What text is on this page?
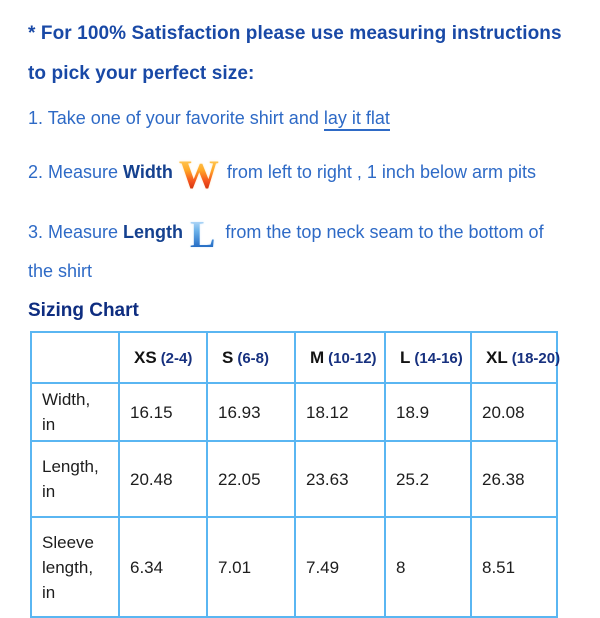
* For 100% Satisfaction please use measuring instructions
to pick your perfect size:
1. Take one of your favorite shirt and lay it flat
2. Measure Width W from left to right , 1 inch below arm pits
3. Measure Length L from the top neck seam to the bottom of
the shirt
Sizing Chart
	XS (2-4)	S (6-8)	M (10-12)	L (14-16)	XL (18-20)
Width, in	16.15	16.93	18.12	18.9	20.08
Length, in	20.48	22.05	23.63	25.2	26.38
Sleeve length, in	6.34	7.01	7.49	8	8.51
